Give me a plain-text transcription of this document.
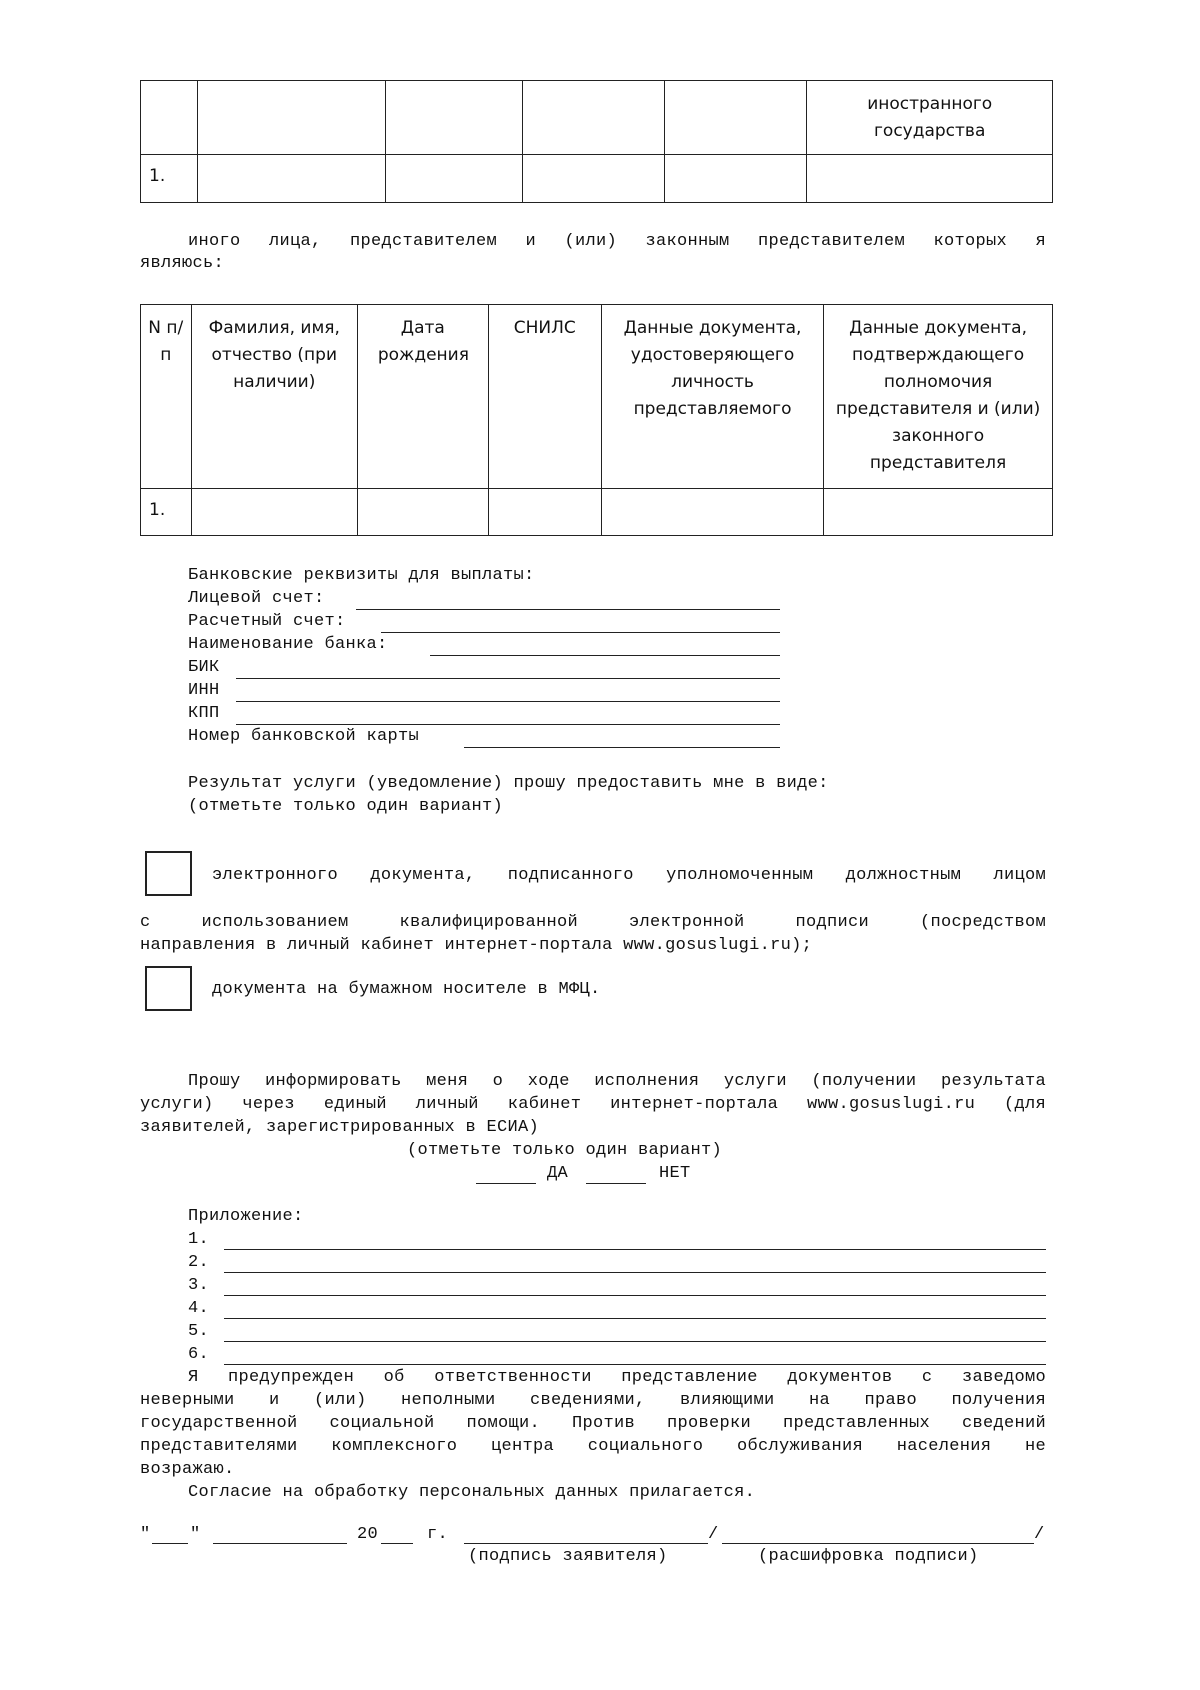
					иностранного государства
1.					
иного лица, представителем и (или) законным представителем которых я
являюсь:
N п/п	Фамилия, имя, отчество (при наличии)	Дата рождения	СНИЛС	Данные документа, удостоверяющего личность представляемого	Данные документа, подтверждающего полномочия представителя и (или) законного представителя
1.					
Банковские реквизиты для выплаты:
Лицевой счет:
Расчетный счет:
Наименование банка:
БИК
ИНН
КПП
Номер банковской карты
Результат услуги (уведомление) прошу предоставить мне в виде:
(отметьте только один вариант)
электронного документа, подписанного уполномоченным должностным лицом
с использованием квалифицированной электронной подписи (посредством
направления в личный кабинет интернет-портала www.gosuslugi.ru);
документа на бумажном носителе в МФЦ.
Прошу информировать меня о ходе исполнения услуги (получении результата
услуги) через единый личный кабинет интернет-портала www.gosuslugi.ru (для
заявителей, зарегистрированных в ЕСИА)
(отметьте только один вариант)
ДА	НЕТ
Приложение:
1.
2.
3.
4.
5.
6.
Я предупрежден об ответственности представление документов с заведомо
неверными и (или) неполными сведениями, влияющими на право получения
государственной социальной помощи. Против проверки представленных сведений
представителями комплексного центра социального обслуживания населения не
возражаю.
Согласие на обработку персональных данных прилагается.
" "	20	г.	/	/
(подпись заявителя)	(расшифровка подписи)
